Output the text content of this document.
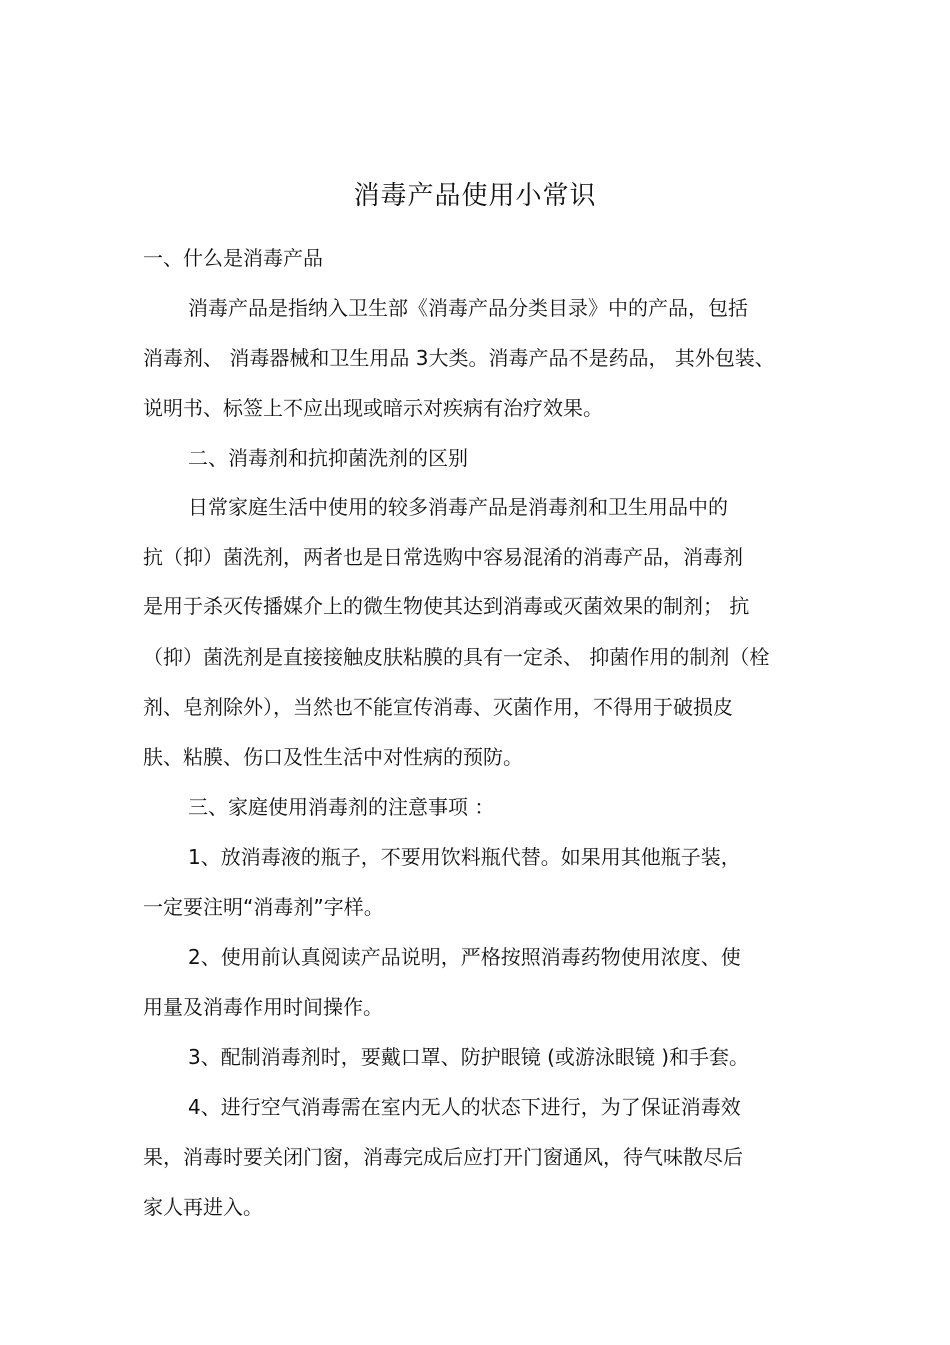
消毒产品使用小常识
一、什么是消毒产品
消毒产品是指纳入卫生部《消毒产品分类目录》中的产品，包括
消毒剂、 消毒器械和卫生用品 3大类。消毒产品不是药品， 其外包装、
说明书、标签上不应出现或暗示对疾病有治疗效果。
二、消毒剂和抗抑菌洗剂的区别
日常家庭生活中使用的较多消毒产品是消毒剂和卫生用品中的
抗（抑）菌洗剂，两者也是日常选购中容易混淆的消毒产品，消毒剂
是用于杀灭传播媒介上的微生物使其达到消毒或灭菌效果的制剂； 抗
（抑）菌洗剂是直接接触皮肤粘膜的具有一定杀、 抑菌作用的制剂（栓
剂、皂剂除外），当然也不能宣传消毒、灭菌作用，不得用于破损皮
肤、粘膜、伤口及性生活中对性病的预防。
三、家庭使用消毒剂的注意事项 ：
1、放消毒液的瓶子，不要用饮料瓶代替。如果用其他瓶子装，
一定要注明“消毒剂”字样。
2、使用前认真阅读产品说明，严格按照消毒药物使用浓度、使
用量及消毒作用时间操作。
3、配制消毒剂时，要戴口罩、防护眼镜 (或游泳眼镜 )和手套。
4、进行空气消毒需在室内无人的状态下进行，为了保证消毒效
果，消毒时要关闭门窗，消毒完成后应打开门窗通风，待气味散尽后
家人再进入。
